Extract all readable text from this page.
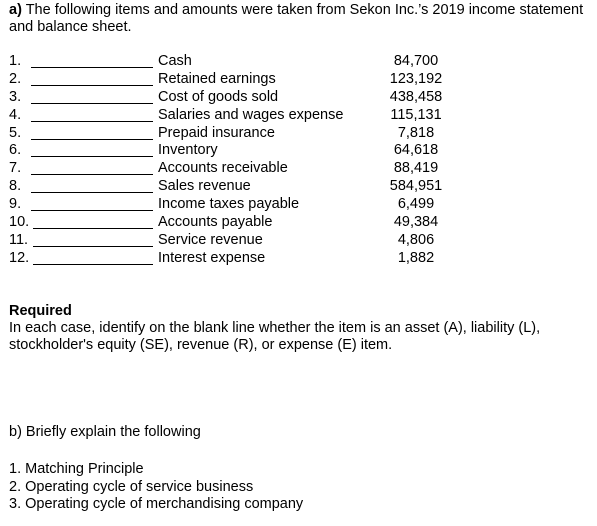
a) The following items and amounts were taken from Sekon Inc.’s 2019 income statement and balance sheet.
1.	Cash	84,700
2.	Retained earnings	123,192
3.	Cost of goods sold	438,458
4.	Salaries and wages expense	115,131
5.	Prepaid insurance	7,818
6.	Inventory	64,618
7.	Accounts receivable	88,419
8.	Sales revenue	584,951
9.	Income taxes payable	6,499
10.	Accounts payable	49,384
11.	Service revenue	4,806
12.	Interest expense	1,882
Required
In each case, identify on the blank line whether the item is an asset (A), liability (L), stockholder's equity (SE), revenue (R), or expense (E) item.
b) Briefly explain the following
1. Matching Principle
2. Operating cycle of service business
3. Operating cycle of merchandising company
